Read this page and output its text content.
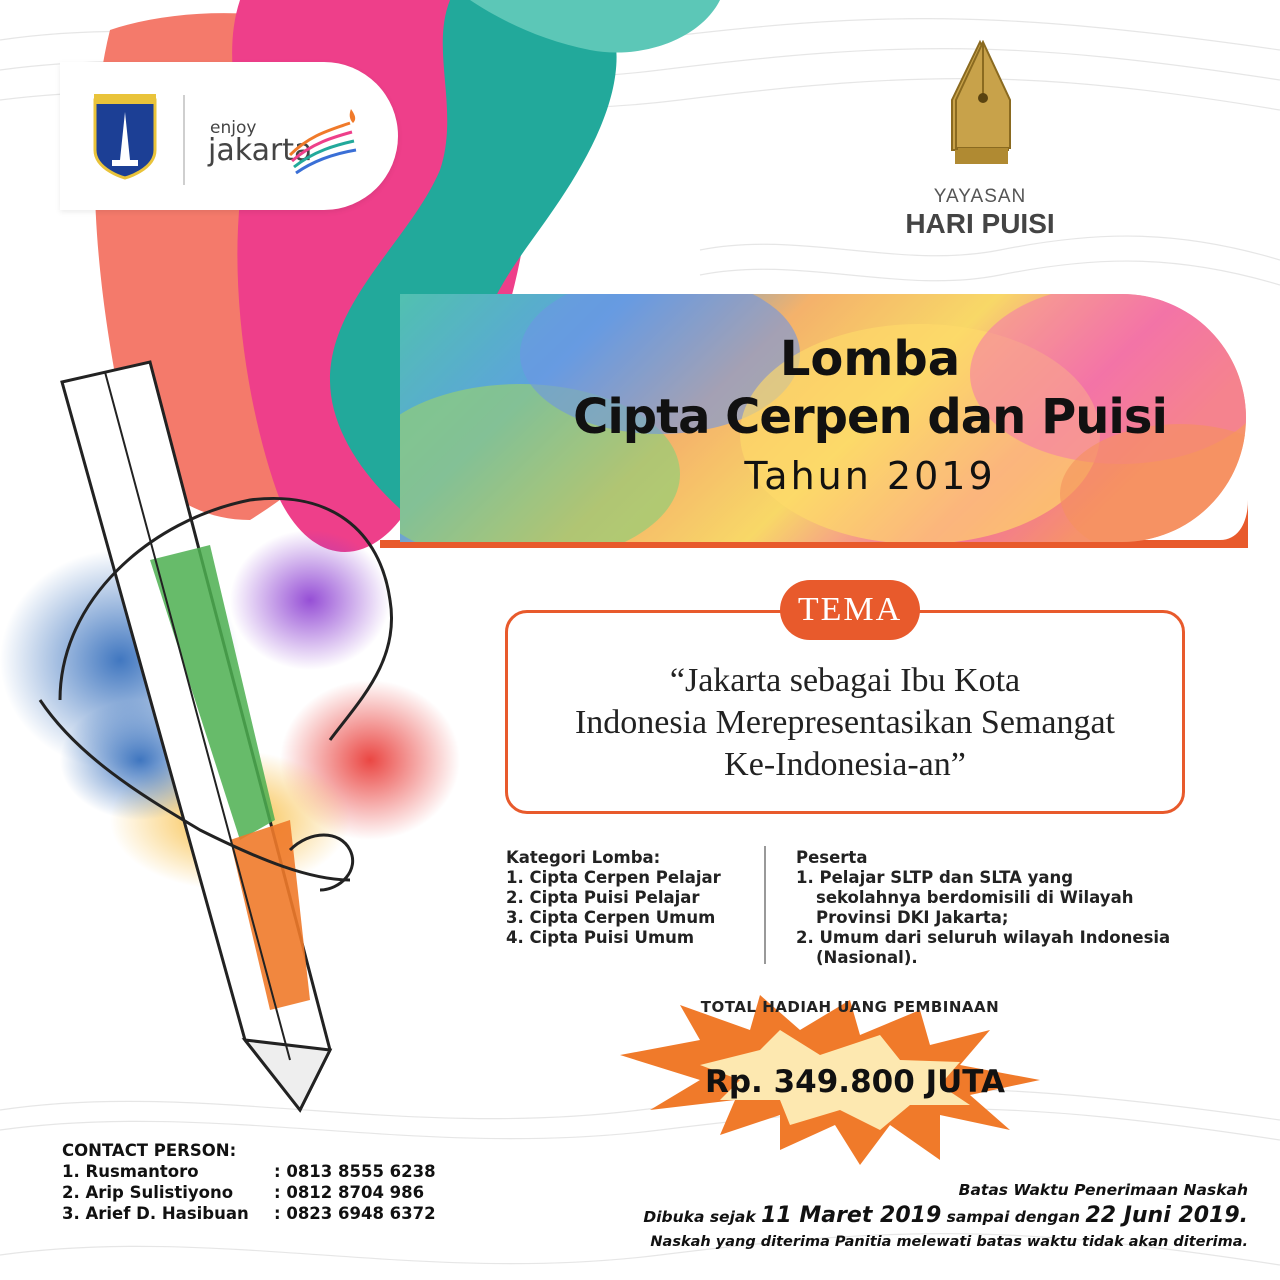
enjoy
jakarta
YAYASAN
HARI PUISI
Lomba
Cipta Cerpen dan Puisi
Tahun 2019
TEMA
“Jakarta sebagai Ibu Kota
Indonesia Merepresentasikan Semangat
Ke-Indonesia-an”
Kategori Lomba:
1. Cipta Cerpen Pelajar
2. Cipta Puisi Pelajar
3. Cipta Cerpen Umum
4. Cipta Puisi Umum
Peserta
1. Pelajar SLTP dan SLTA yang
sekolahnya berdomisili di Wilayah
Provinsi DKI Jakarta;
2. Umum dari seluruh wilayah Indonesia
(Nasional).
TOTAL HADIAH UANG PEMBINAAN
Rp. 349.800 JUTA
CONTACT PERSON:
1. Rusmantoro	: 0813 8555 6238
2. Arip Sulistiyono	: 0812 8704 986
3. Arief D. Hasibuan	: 0823 6948 6372
Batas Waktu Penerimaan Naskah
Dibuka sejak 11 Maret 2019 sampai dengan 22 Juni 2019.
Naskah yang diterima Panitia melewati batas waktu tidak akan diterima.
